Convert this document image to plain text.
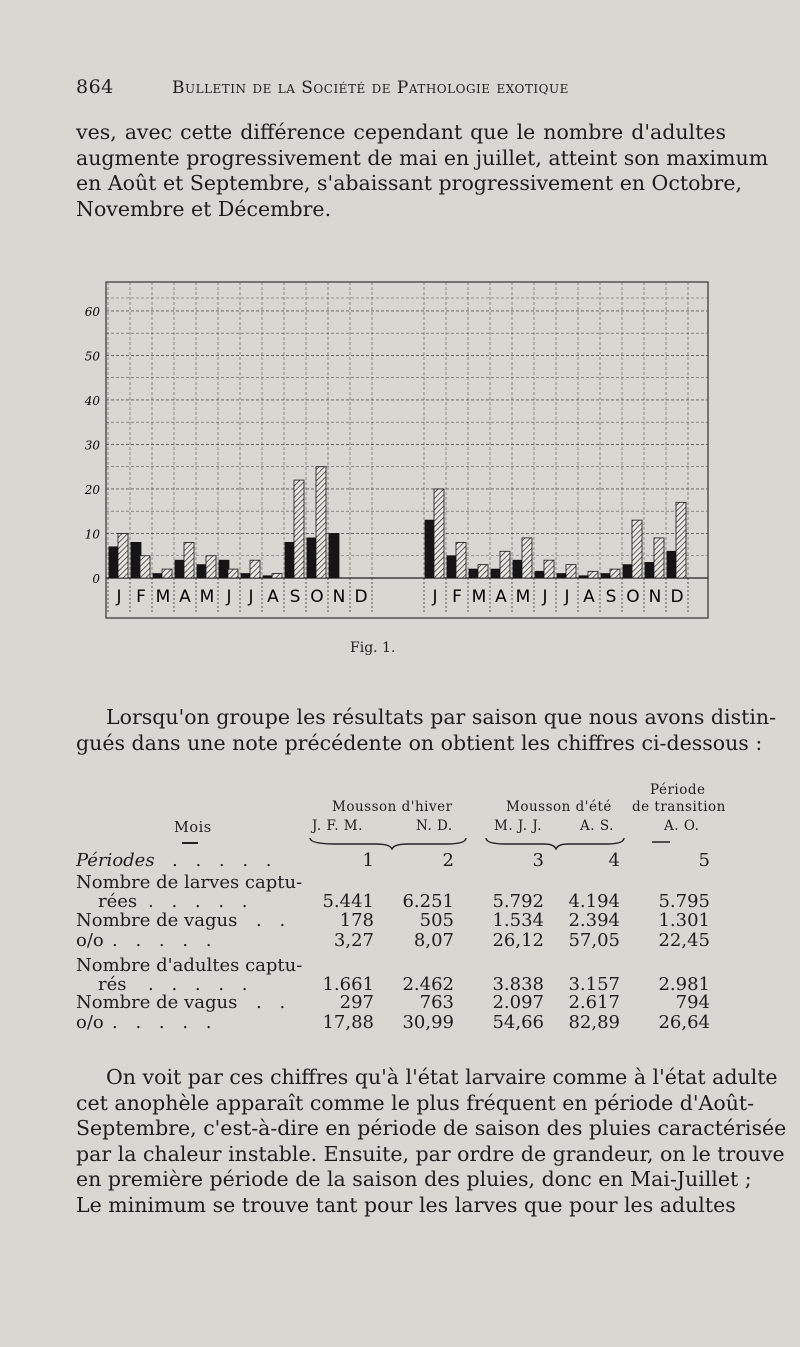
864	Bulletin de la Société de Pathologie exotique
ves, avec cette différence cependant que le nombre d'adultes
augmente progressivement de mai en juillet, atteint son maximum
en Août et Septembre, s'abaissant progressivement en Octobre,
Novembre et Décembre.
0
10
20
30
40
50
60
J F M A M J J A S O N D	J F M A M J J A S O N D
Fig. 1.
Lorsqu'on groupe les résultats par saison que nous avons distin-
gués dans une note précédente on obtient les chiffres ci-dessous :
Période
de transition
Mousson d'hiver	Mousson d'été
Mois	J. F. M.	N. D.	M. J. J.	A. S.	A. O.
Périodes . . . . .	1	2	3	4	5
Nombre de larves captu-
rées . . . . .	5.441 6.251 5.792 4.194 5.795
Nombre de vagus . .	178	505 1.534 2.394 1.301
o/o . . . . .	3,27 8,07 26,12 57,05 22,45
Nombre d'adultes captu-
rés . . . . .	1.661 2.462 3.838 3.157 2.981
Nombre de vagus . .	297	763 2.097 2.617	794
o/o . . . . .	17,88 30,99 54,66 82,89 26,64
On voit par ces chiffres qu'à l'état larvaire comme à l'état adulte
cet anophèle apparaît comme le plus fréquent en période d'Août-
Septembre, c'est-à-dire en période de saison des pluies caractérisée
par la chaleur instable. Ensuite, par ordre de grandeur, on le trouve
en première période de la saison des pluies, donc en Mai-Juillet ;
Le minimum se trouve tant pour les larves que pour les adultes
